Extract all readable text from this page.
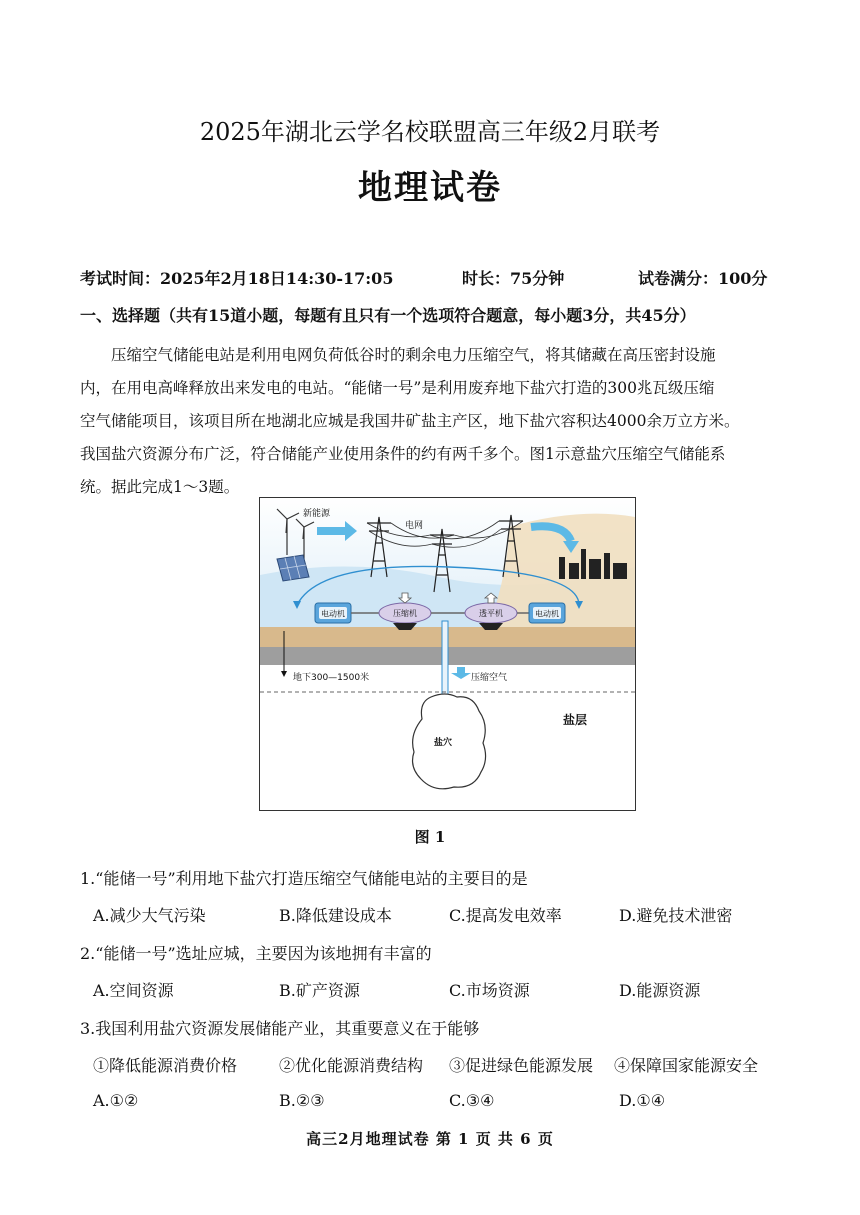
2025年湖北云学名校联盟高三年级2月联考
地理试卷
考试时间：2025年2月18日14:30-17:05	时长：75分钟	试卷满分：100分
一、选择题（共有15道小题，每题有且只有一个选项符合题意，每小题3分，共45分）
压缩空气储能电站是利用电网负荷低谷时的剩余电力压缩空气，将其储藏在高压密封设施
内，在用电高峰释放出来发电的电站。“能储一号”是利用废弃地下盐穴打造的300兆瓦级压缩
空气储能项目，该项目所在地湖北应城是我国井矿盐主产区，地下盐穴容积达4000余万立方米。
我国盐穴资源分布广泛，符合储能产业使用条件的约有两千多个。图1示意盐穴压缩空气储能系
统。据此完成1～3题。
新能源
电网
电动机	压缩机	透平机	电动机
压缩空气
地下300—1500米
盐穴
盐层
图 1
1.“能储一号”利用地下盐穴打造压缩空气储能电站的主要目的是
A.减少大气污染	B.降低建设成本	C.提高发电效率	D.避免技术泄密
2.“能储一号”选址应城，主要因为该地拥有丰富的
A.空间资源	B.矿产资源	C.市场资源	D.能源资源
3.我国利用盐穴资源发展储能产业，其重要意义在于能够
①降低能源消费价格	②优化能源消费结构 ③促进绿色能源发展 ④保障国家能源安全
A.①②	B.②③	C.③④	D.①④
高三2月地理试卷 第 1 页 共 6 页
